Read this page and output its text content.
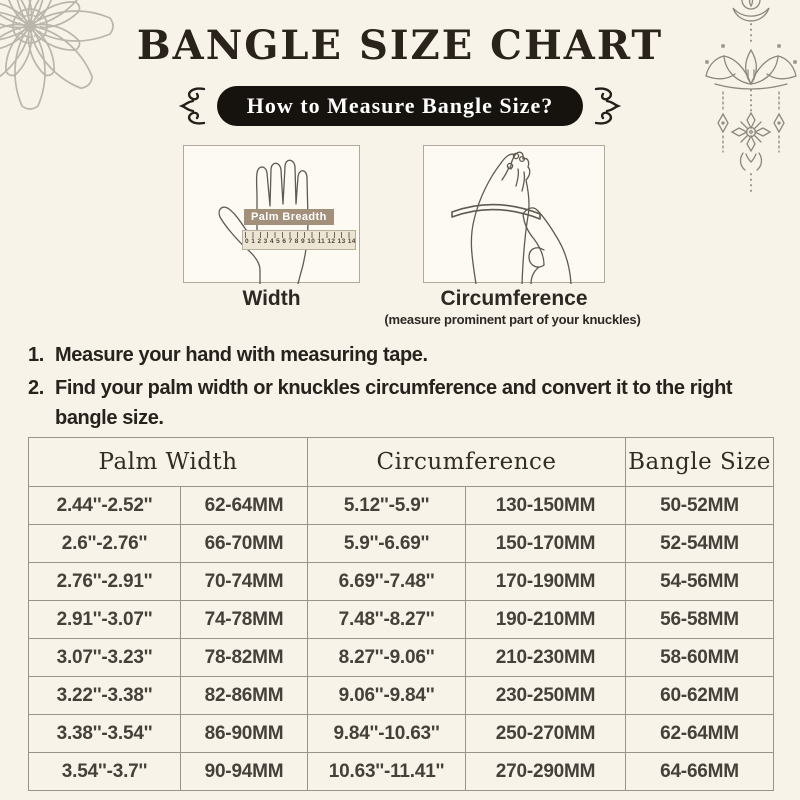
BANGLE SIZE CHART
How to Measure Bangle Size?
0 1 2 3 4 5 6 7 8 9 10 11 12 13 14
Palm Breadth
Width	Circumference
(measure prominent part of your knuckles)
1. Measure your hand with measuring tape.
2. Find your palm width or knuckles circumference and convert it to the right bangle size.
Palm Width		Circumference		Bangle Size
2.44''-2.52''	62-64MM	5.12''-5.9''	130-150MM	50-52MM
2.6''-2.76''	66-70MM	5.9''-6.69''	150-170MM	52-54MM
2.76''-2.91''	70-74MM	6.69''-7.48''	170-190MM	54-56MM
2.91''-3.07''	74-78MM	7.48''-8.27''	190-210MM	56-58MM
3.07''-3.23''	78-82MM	8.27''-9.06''	210-230MM	58-60MM
3.22''-3.38''	82-86MM	9.06''-9.84''	230-250MM	60-62MM
3.38''-3.54''	86-90MM	9.84''-10.63''	250-270MM	62-64MM
3.54''-3.7''	90-94MM	10.63''-11.41''	270-290MM	64-66MM
